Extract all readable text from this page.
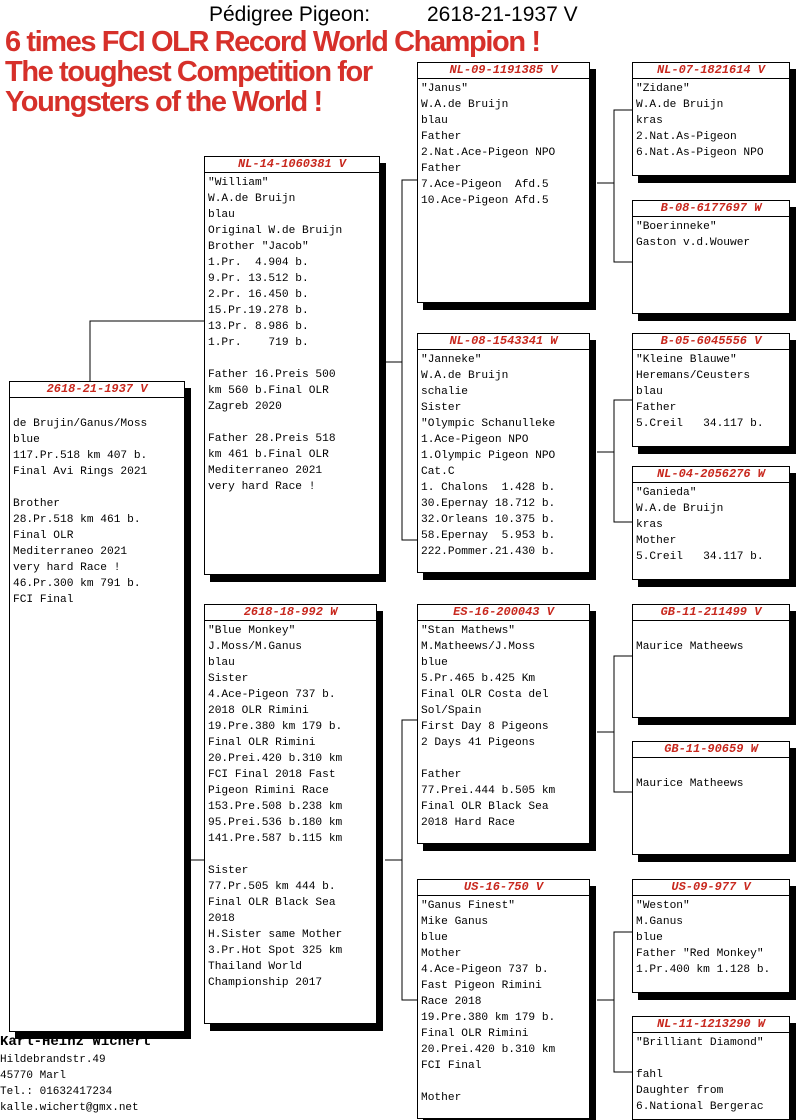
Pédigree Pigeon:	2618-21-1937 V
6 times FCI OLR Record World Champion !
The toughest Competition for
Youngsters of the World !
2618-21-1937 V

de Brujin/Ganus/Moss
blue
117.Pr.518 km 407 b.
Final Avi Rings 2021

Brother
28.Pr.518 km 461 b.
Final OLR
Mediterraneo 2021
very hard Race !
46.Pr.300 km 791 b.
FCI Final
NL-14-1060381 V
"William"
W.A.de Bruijn
blau
Original W.de Bruijn
Brother "Jacob"
1.Pr.  4.904 b.
9.Pr. 13.512 b.
2.Pr. 16.450 b.
15.Pr.19.278 b.
13.Pr. 8.986 b.
1.Pr.    719 b.

Father 16.Preis 500
km 560 b.Final OLR
Zagreb 2020

Father 28.Preis 518
km 461 b.Final OLR
Mediterraneo 2021
very hard Race !
2618-18-992 W
"Blue Monkey"
J.Moss/M.Ganus
blau
Sister
4.Ace-Pigeon 737 b.
2018 OLR Rimini
19.Pre.380 km 179 b.
Final OLR Rimini
20.Prei.420 b.310 km
FCI Final 2018 Fast
Pigeon Rimini Race
153.Pre.508 b.238 km
95.Prei.536 b.180 km
141.Pre.587 b.115 km

Sister
77.Pr.505 km 444 b.
Final OLR Black Sea
2018
H.Sister same Mother
3.Pr.Hot Spot 325 km
Thailand World
Championship 2017
NL-09-1191385 V
"Janus"
W.A.de Bruijn
blau
Father
2.Nat.Ace-Pigeon NPO
Father
7.Ace-Pigeon  Afd.5
10.Ace-Pigeon Afd.5
NL-08-1543341 W
"Janneke"
W.A.de Bruijn
schalie
Sister
"Olympic Schanulleke
1.Ace-Pigeon NPO
1.Olympic Pigeon NPO
Cat.C
1. Chalons  1.428 b.
30.Epernay 18.712 b.
32.Orleans 10.375 b.
58.Epernay  5.953 b.
222.Pommer.21.430 b.
ES-16-200043 V
"Stan Mathews"
M.Matheews/J.Moss
blue
5.Pr.465 b.425 Km
Final OLR Costa del
Sol/Spain
First Day 8 Pigeons
2 Days 41 Pigeons

Father
77.Prei.444 b.505 km
Final OLR Black Sea
2018 Hard Race
US-16-750 V
"Ganus Finest"
Mike Ganus
blue
Mother
4.Ace-Pigeon 737 b.
Fast Pigeon Rimini
Race 2018
19.Pre.380 km 179 b.
Final OLR Rimini
20.Prei.420 b.310 km
FCI Final

Mother
NL-07-1821614 V
"Zidane"
W.A.de Bruijn
kras
2.Nat.As-Pigeon
6.Nat.As-Pigeon NPO
B-08-6177697 W
"Boerinneke"
Gaston v.d.Wouwer
B-05-6045556 V
"Kleine Blauwe"
Heremans/Ceusters
blau
Father
5.Creil   34.117 b.
NL-04-2056276 W
"Ganieda"
W.A.de Bruijn
kras
Mother
5.Creil   34.117 b.
GB-11-211499 V

Maurice Matheews
GB-11-90659 W

Maurice Matheews
US-09-977 V
"Weston"
M.Ganus
blue
Father "Red Monkey"
1.Pr.400 km 1.128 b.
NL-11-1213290 W
"Brilliant Diamond"

fahl
Daughter from
6.National Bergerac
Karl-Heinz Wichert
Hildebrandstr.49
45770 Marl
Tel.: 01632417234
kalle.wichert@gmx.net
